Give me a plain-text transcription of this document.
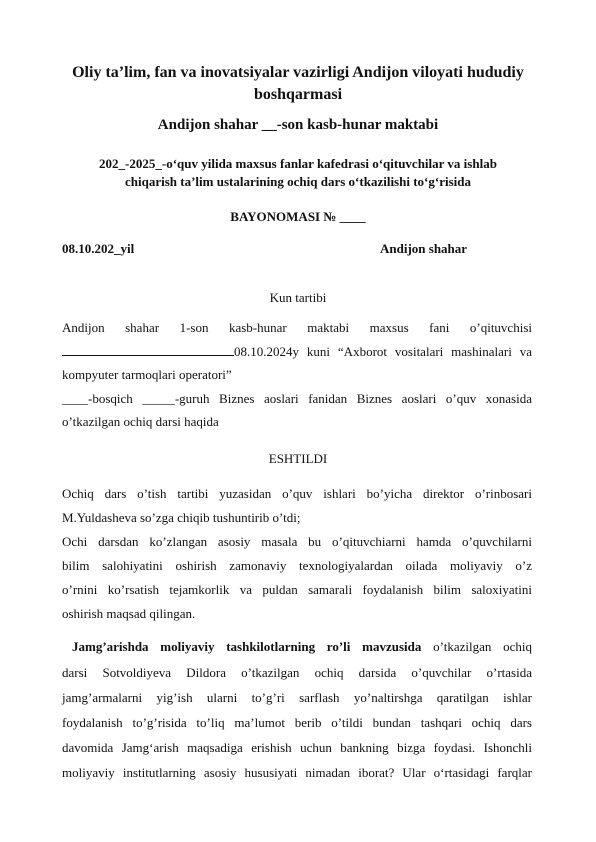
Oliy ta’lim, fan va inovatsiyalar vazirligi Andijon viloyati hududiy
boshqarmasi
Andijon shahar __-son kasb-hunar maktabi
202_-2025_-o‘quv yilida maxsus fanlar kafedrasi o‘qituvchilar va ishlab
chiqarish ta’lim ustalarining ochiq dars o‘tkazilishi to‘g‘risida
BAYONOMASI № ____
08.10.202_yil	Andijon shahar
Kun tartibi
Andijon shahar 1-son kasb-hunar maktabi maxsus fani o’qituvchisi
08.10.2024y kuni “Axborot vositalari mashinalari va
kompyuter tarmoqlari operatori”
____-bosqich _____-guruh Biznes aoslari fanidan Biznes aoslari o’quv xonasida
o’tkazilgan ochiq darsi haqida
ESHTILDI
Ochiq dars o’tish tartibi yuzasidan o’quv ishlari bo’yicha direktor o’rinbosari
M.Yuldasheva so’zga chiqib tushuntirib o’tdi;
Ochi darsdan ko’zlangan asosiy masala bu o’qituvchiarni hamda o’quvchilarni
bilim salohiyatini oshirish zamonaviy texnologiyalardan oilada moliyaviy o’z
o’rnini ko’rsatish tejamkorlik va puldan samarali foydalanish bilim saloxiyatini
oshirish maqsad qilingan.
Jamg’arishda moliyaviy tashkilotlarning ro’li mavzusida o’tkazilgan ochiq
darsi Sotvoldiyeva Dildora o’tkazilgan ochiq darsida o’quvchilar o’rtasida
jamg’armalarni yig’ish ularni to’g’ri sarflash yo’naltirshga qaratilgan ishlar
foydalanish to’g’risida to’liq ma’lumot berib o’tildi bundan tashqari ochiq dars
davomida Jamg‘arish maqsadiga erishish uchun bankning bizga foydasi. Ishonchli
moliyaviy institutlarning asosiy hususiyati nimadan iborat? Ular o‘rtasidagi farqlar
